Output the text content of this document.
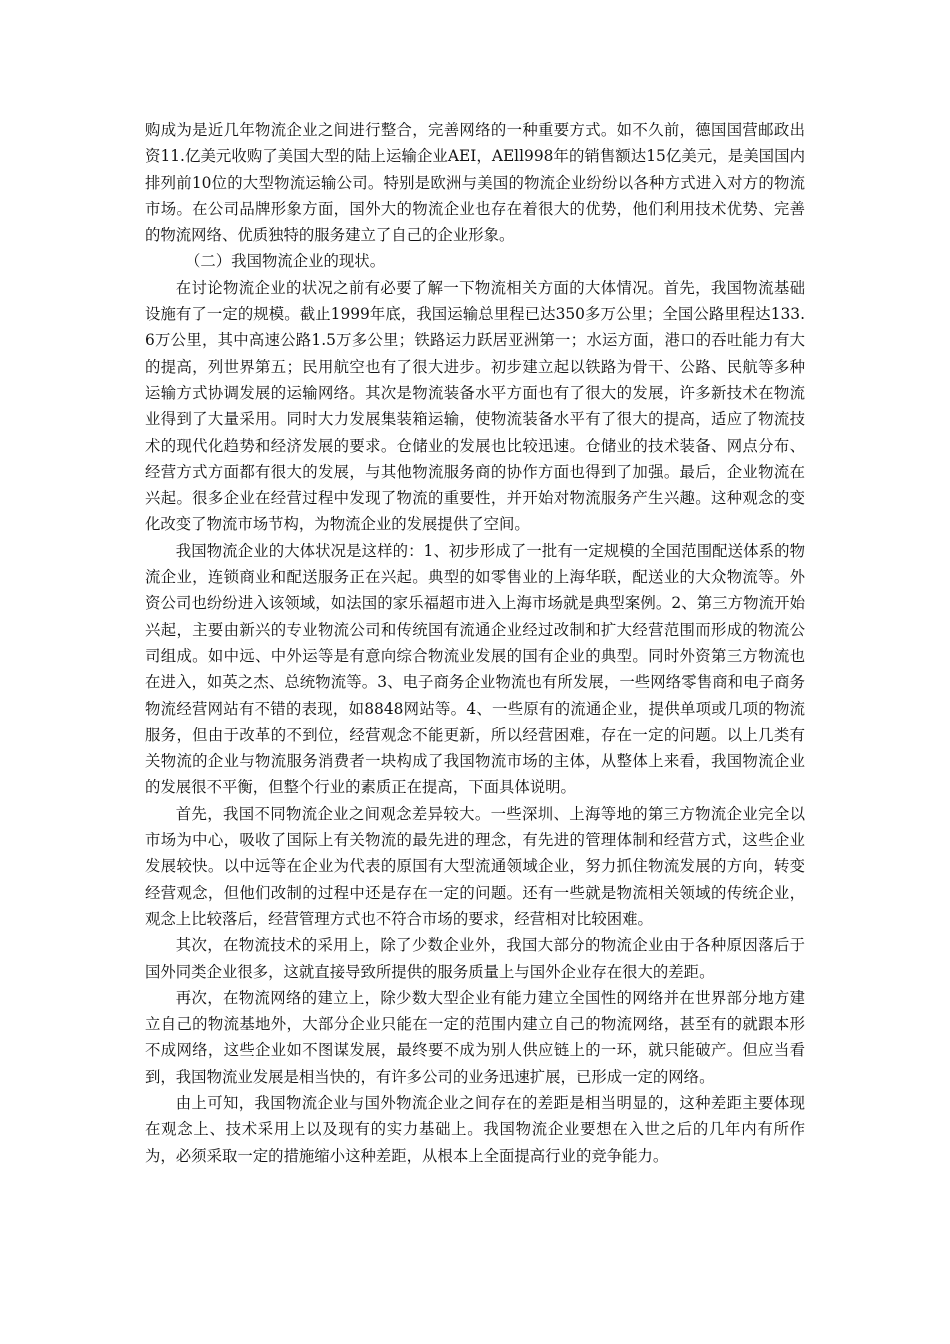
购成为是近几年物流企业之间进行整合，完善网络的一种重要方式。如不久前，德国国营邮政出资11.亿美元收购了美国大型的陆上运输企业AEI，AEll998年的销售额达15亿美元，是美国国内排列前10位的大型物流运输公司。特别是欧洲与美国的物流企业纷纷以各种方式进入对方的物流市场。在公司品牌形象方面，国外大的物流企业也存在着很大的优势，他们利用技术优势、完善的物流网络、优质独特的服务建立了自己的企业形象。

（二）我国物流企业的现状。

在讨论物流企业的状况之前有必要了解一下物流相关方面的大体情况。首先，我国物流基础设施有了一定的规模。截止1999年底，我国运输总里程已达350多万公里；全国公路里程达133.6万公里，其中高速公路1.5万多公里；铁路运力跃居亚洲第一；水运方面，港口的吞吐能力有大的提高，列世界第五；民用航空也有了很大进步。初步建立起以铁路为骨干、公路、民航等多种运输方式协调发展的运输网络。其次是物流装备水平方面也有了很大的发展，许多新技术在物流业得到了大量采用。同时大力发展集装箱运输，使物流装备水平有了很大的提高，适应了物流技术的现代化趋势和经济发展的要求。仓储业的发展也比较迅速。仓储业的技术装备、网点分布、经营方式方面都有很大的发展，与其他物流服务商的协作方面也得到了加强。最后，企业物流在兴起。很多企业在经营过程中发现了物流的重要性，并开始对物流服务产生兴趣。这种观念的变化改变了物流市场节构，为物流企业的发展提供了空间。

我国物流企业的大体状况是这样的：1、初步形成了一批有一定规模的全国范围配送体系的物流企业，连锁商业和配送服务正在兴起。典型的如零售业的上海华联，配送业的大众物流等。外资公司也纷纷进入该领域，如法国的家乐福超市进入上海市场就是典型案例。2、第三方物流开始兴起，主要由新兴的专业物流公司和传统国有流通企业经过改制和扩大经营范围而形成的物流公司组成。如中远、中外运等是有意向综合物流业发展的国有企业的典型。同时外资第三方物流也在进入，如英之杰、总统物流等。3、电子商务企业物流也有所发展，一些网络零售商和电子商务物流经营网站有不错的表现，如8848网站等。4、一些原有的流通企业，提供单项或几项的物流服务，但由于改革的不到位，经营观念不能更新，所以经营困难，存在一定的问题。以上几类有关物流的企业与物流服务消费者一块构成了我国物流市场的主体，从整体上来看，我国物流企业的发展很不平衡，但整个行业的素质正在提高，下面具体说明。

首先，我国不同物流企业之间观念差异较大。一些深圳、上海等地的第三方物流企业完全以市场为中心，吸收了国际上有关物流的最先进的理念，有先进的管理体制和经营方式，这些企业发展较快。以中远等在企业为代表的原国有大型流通领域企业，努力抓住物流发展的方向，转变经营观念，但他们改制的过程中还是存在一定的问题。还有一些就是物流相关领域的传统企业，观念上比较落后，经营管理方式也不符合市场的要求，经营相对比较困难。

其次，在物流技术的采用上，除了少数企业外，我国大部分的物流企业由于各种原因落后于国外同类企业很多，这就直接导致所提供的服务质量上与国外企业存在很大的差距。

再次，在物流网络的建立上，除少数大型企业有能力建立全国性的网络并在世界部分地方建立自己的物流基地外，大部分企业只能在一定的范围内建立自己的物流网络，甚至有的就跟本形不成网络，这些企业如不图谋发展，最终要不成为别人供应链上的一环，就只能破产。但应当看到，我国物流业发展是相当快的，有许多公司的业务迅速扩展，已形成一定的网络。

由上可知，我国物流企业与国外物流企业之间存在的差距是相当明显的，这种差距主要体现在观念上、技术采用上以及现有的实力基础上。我国物流企业要想在入世之后的几年内有所作为，必须采取一定的措施缩小这种差距，从根本上全面提高行业的竞争能力。
